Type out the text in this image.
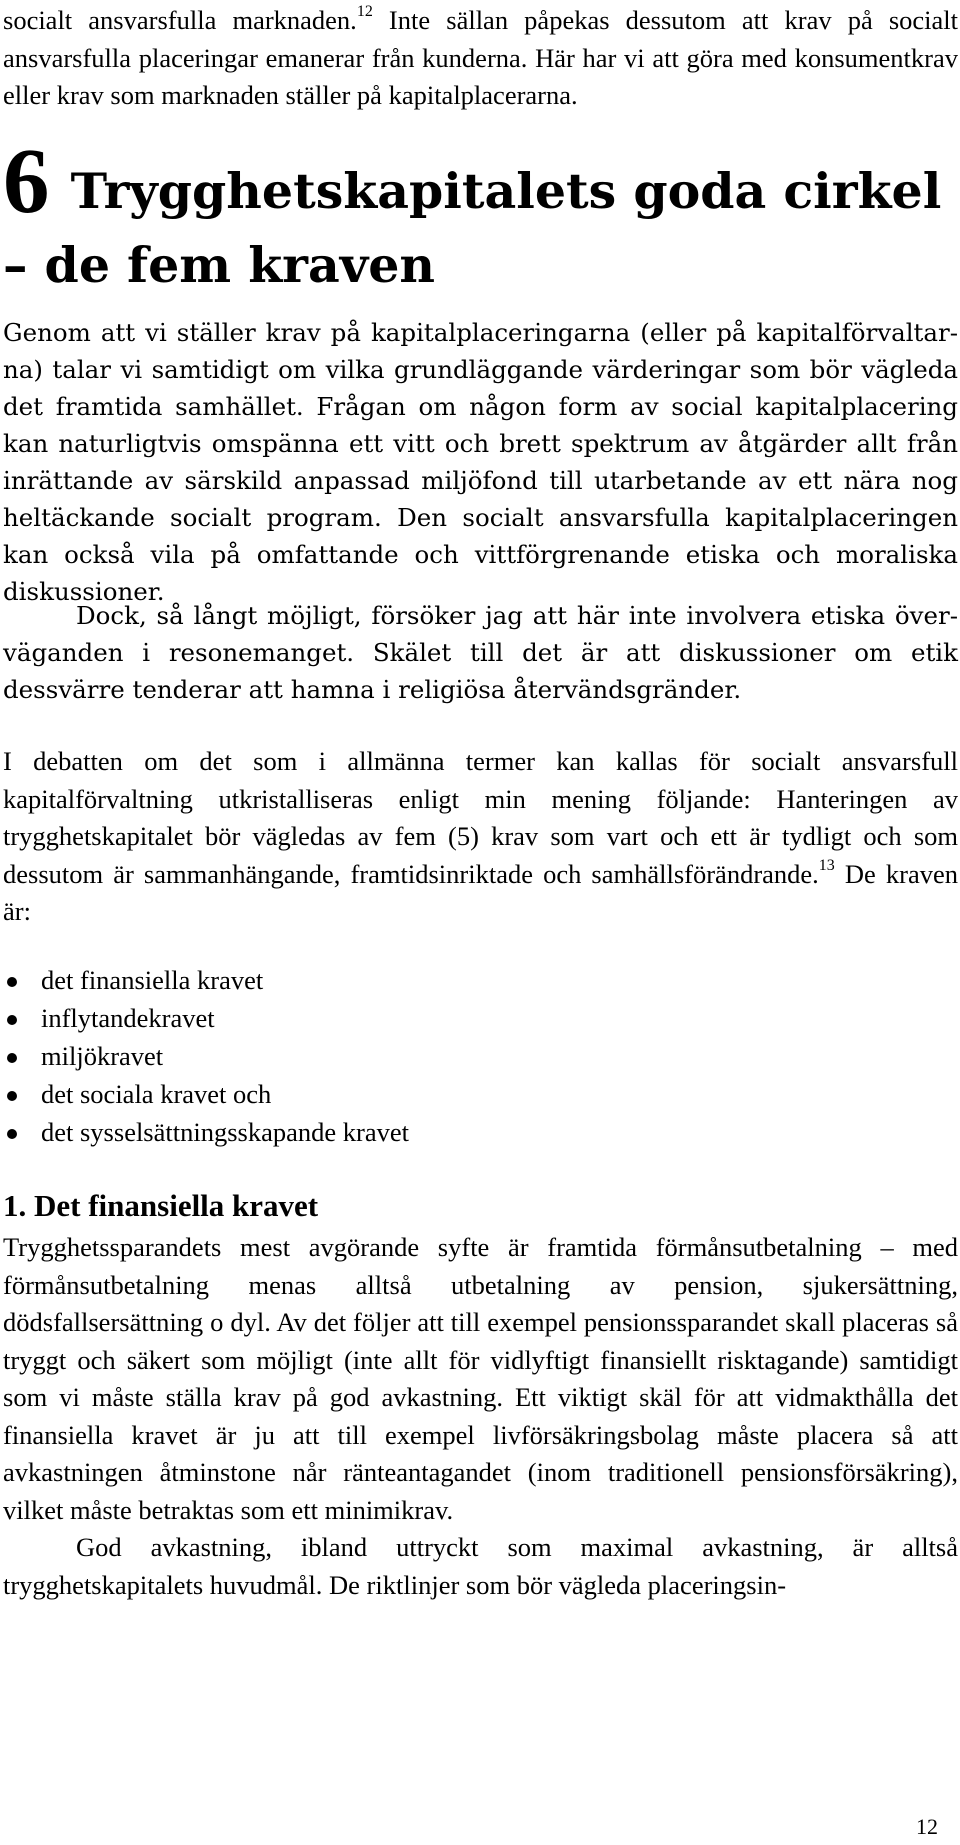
socialt ansvarsfulla marknaden.$^{12}$ Inte sällan påpekas dessutom att krav på socialt ansvarsfulla placeringar emanerar från kunderna. Här har vi att göra med konsumentkrav eller krav som marknaden ställer på kapitalplacerarna.

6 Trygghetskapitalets goda cirkel – de fem kraven

Genom att vi ställer krav på kapitalplaceringarna (eller på kapitalförvaltarna) talar vi samtidigt om vilka grundläggande värderingar som bör vägleda det framtida samhället. Frågan om någon form av social kapitalplacering kan naturligtvis omspänna ett vitt och brett spektrum av åtgärder allt från inrättande av särskild anpassad miljöfond till utarbetande av ett nära nog heltäckande socialt program. Den socialt ansvarsfulla kapitalplaceringen kan också vila på omfattande och vittförgrenande etiska och moraliska diskussioner.

Dock, så långt möjligt, försöker jag att här inte involvera etiska överväganden i resonemanget. Skälet till det är att diskussioner om etik dessvärre tenderar att hamna i religiösa återvändsgränder.

I debatten om det som i allmänna termer kan kallas för socialt ansvarsfull kapitalförvaltning utkristalliseras enligt min mening följande: Hanteringen av trygghetskapitalet bör vägledas av fem (5) krav som vart och ett är tydligt och som dessutom är sammanhängande, framtidsinriktade och samhällsförändrande.$^{13}$ De kraven är:

det finansiella kravet
inflytandekravet
miljökravet
det sociala kravet och
det sysselsättningsskapande kravet
1. Det finansiella kravet

Trygghetssparandets mest avgörande syfte är framtida förmånsutbetalning – med förmånsutbetalning menas alltså utbetalning av pension, sjukersättning, dödsfallsersättning o dyl. Av det följer att till exempel pensionssparandet skall placeras så tryggt och säkert som möjligt (inte allt för vidlyftigt finansiellt risktagande) samtidigt som vi måste ställa krav på god avkastning. Ett viktigt skäl för att vidmakthålla det finansiella kravet är ju att till exempel livförsäkringsbolag måste placera så att avkastningen åtminstone når ränteantagandet (inom traditionell pensionsförsäkring), vilket måste betraktas som ett minimikrav.

God avkastning, ibland uttryckt som maximal avkastning, är alltså trygghetskapitalets huvudmål. De riktlinjer som bör vägleda placeringsin-

12
